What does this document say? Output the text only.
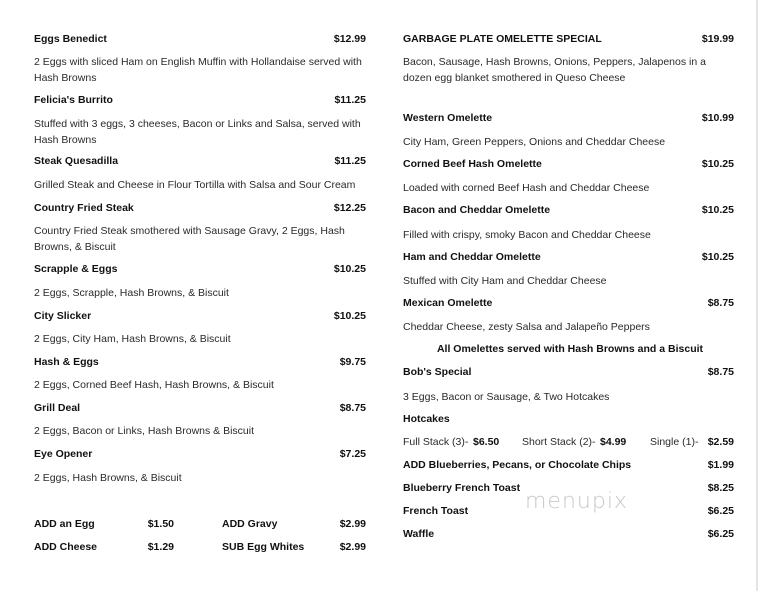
Eggs Benedict	$12.99
2 Eggs with sliced Ham on English Muffin with Hollandaise served with Hash Browns
Felicia's Burrito	$11.25
Stuffed with 3 eggs, 3 cheeses, Bacon or Links and Salsa, served with Hash Browns
Steak Quesadilla	$11.25
Grilled Steak and Cheese in Flour Tortilla with Salsa and Sour Cream
Country Fried Steak	$12.25
Country Fried Steak smothered with Sausage Gravy, 2 Eggs, Hash Browns, & Biscuit
Scrapple & Eggs	$10.25
2 Eggs, Scrapple, Hash Browns, & Biscuit
City Slicker	$10.25
2 Eggs, City Ham, Hash Browns, & Biscuit
Hash & Eggs	$9.75
2 Eggs, Corned Beef Hash, Hash Browns, & Biscuit
Grill Deal	$8.75
2 Eggs, Bacon or Links, Hash Browns & Biscuit
Eye Opener	$7.25
2 Eggs, Hash Browns, & Biscuit
ADD an Egg	$1.50	ADD Gravy	$2.99
ADD Cheese	$1.29	SUB Egg Whites	$2.99
GARBAGE PLATE OMELETTE SPECIAL	$19.99
Bacon, Sausage, Hash Browns, Onions, Peppers, Jalapenos in a dozen egg blanket smothered in Queso Cheese
Western Omelette	$10.99
City Ham, Green Peppers, Onions and Cheddar Cheese
Corned Beef Hash Omelette	$10.25
Loaded with corned Beef Hash and Cheddar Cheese
Bacon and Cheddar Omelette	$10.25
Filled with crispy, smoky Bacon and Cheddar Cheese
Ham and Cheddar Omelette	$10.25
Stuffed with City Ham and Cheddar Cheese
Mexican Omelette	$8.75
Cheddar Cheese, zesty Salsa and Jalapeño Peppers
All Omelettes served with Hash Browns and a Biscuit
Bob's Special	$8.75
3 Eggs, Bacon or Sausage, & Two Hotcakes
Hotcakes
Full Stack (3)- $6.50 Short Stack (2)- $4.99 Single (1)- $2.59
ADD Blueberries, Pecans, or Chocolate Chips	$1.99
Blueberry French Toast	$8.25
French Toast	$6.25
Waffle	$6.25
menupix
